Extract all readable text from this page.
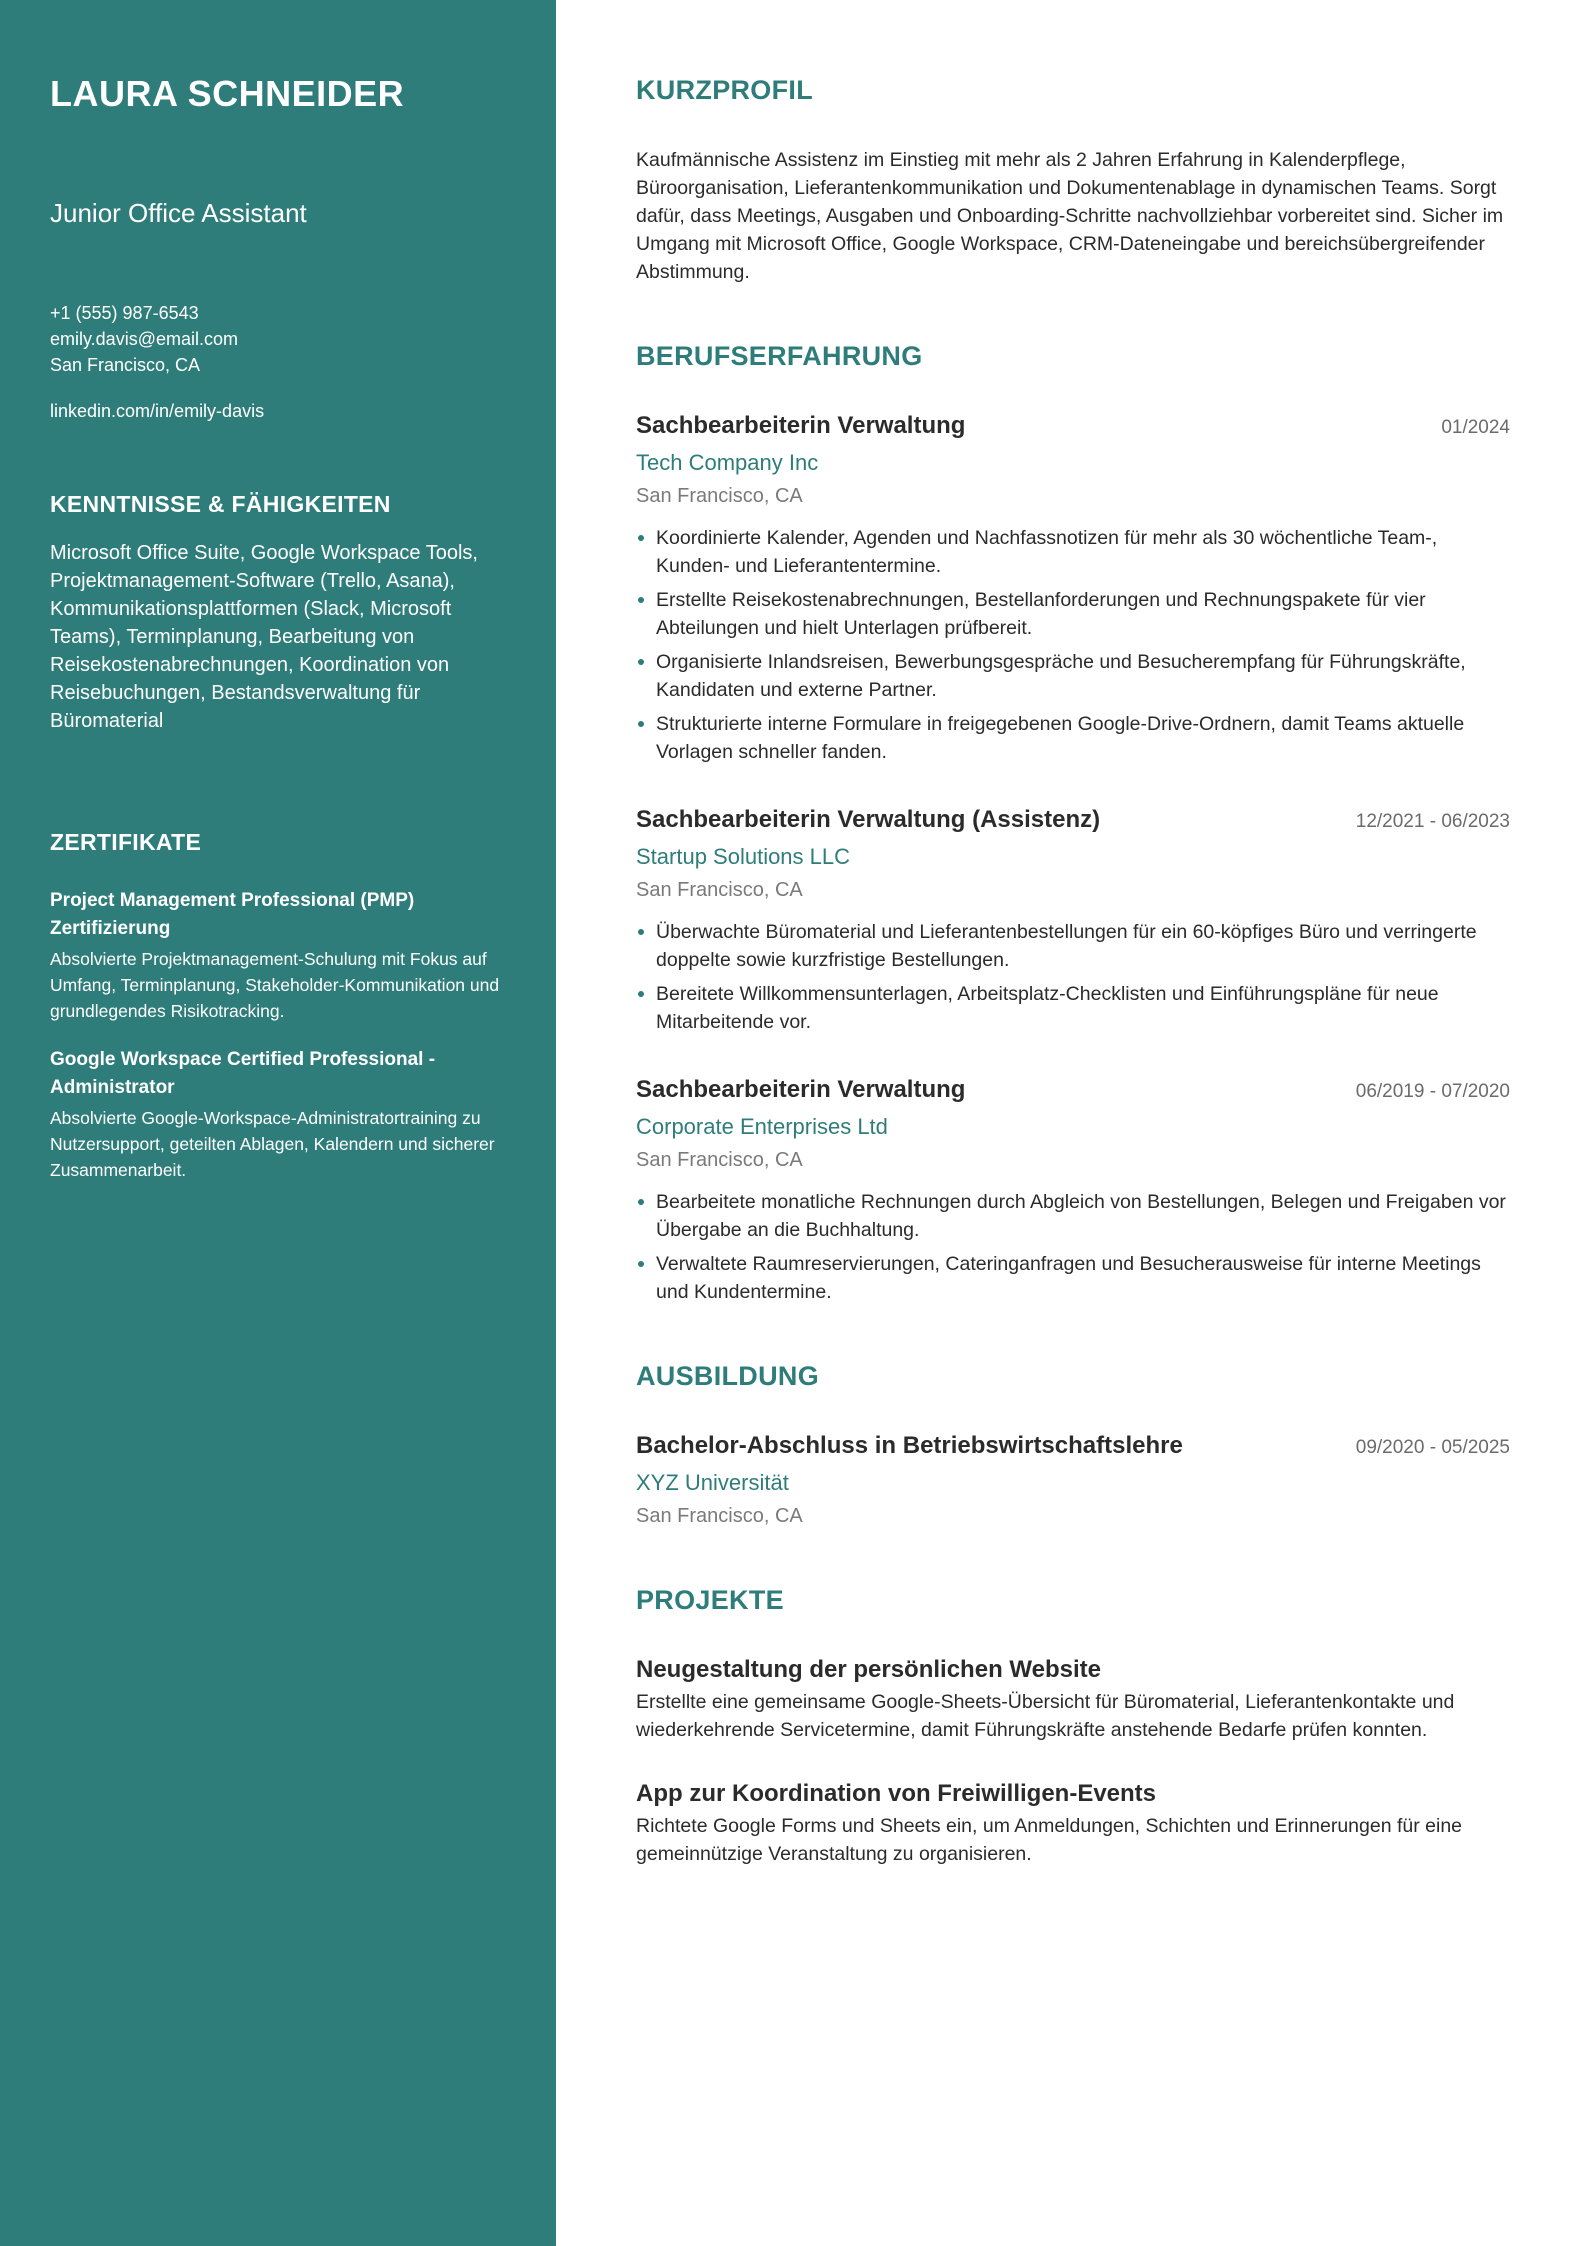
LAURA SCHNEIDER
Junior Office Assistant
+1 (555) 987-6543
emily.davis@email.com
San Francisco, CA
linkedin.com/in/emily-davis
KENNTNISSE & FÄHIGKEITEN

Microsoft Office Suite, Google Workspace Tools, Projektmanagement-Software (Trello, Asana), Kommunikationsplattformen (Slack, Microsoft Teams), Terminplanung, Bearbeitung von Reisekostenabrechnungen, Koordination von Reisebuchungen, Bestandsverwaltung für Büromaterial

ZERTIFIKATE
Project Management Professional (PMP) Zertifizierung
Absolvierte Projektmanagement-Schulung mit Fokus auf Umfang, Terminplanung, Stakeholder-Kommunikation und grundlegendes Risikotracking.
Google Workspace Certified Professional - Administrator
Absolvierte Google-Workspace-Administratortraining zu Nutzersupport, geteilten Ablagen, Kalendern und sicherer Zusammenarbeit.
KURZPROFIL

Kaufmännische Assistenz im Einstieg mit mehr als 2 Jahren Erfahrung in Kalenderpflege, Büroorganisation, Lieferantenkommunikation und Dokumentenablage in dynamischen Teams. Sorgt dafür, dass Meetings, Ausgaben und Onboarding-Schritte nachvollziehbar vorbereitet sind. Sicher im Umgang mit Microsoft Office, Google Workspace, CRM-Dateneingabe und bereichsübergreifender Abstimmung.

BERUFSERFAHRUNG
Sachbearbeiterin Verwaltung	01/2024
Tech Company Inc
San Francisco, CA
Koordinierte Kalender, Agenden und Nachfassnotizen für mehr als 30 wöchentliche Team-, Kunden- und Lieferantentermine.
Erstellte Reisekostenabrechnungen, Bestellanforderungen und Rechnungspakete für vier Abteilungen und hielt Unterlagen prüfbereit.
Organisierte Inlandsreisen, Bewerbungsgespräche und Besucherempfang für Führungskräfte, Kandidaten und externe Partner.
Strukturierte interne Formulare in freigegebenen Google-Drive-Ordnern, damit Teams aktuelle Vorlagen schneller fanden.
Sachbearbeiterin Verwaltung (Assistenz)	12/2021 - 06/2023
Startup Solutions LLC
San Francisco, CA
Überwachte Büromaterial und Lieferantenbestellungen für ein 60-köpfiges Büro und verringerte doppelte sowie kurzfristige Bestellungen.
Bereitete Willkommensunterlagen, Arbeitsplatz-Checklisten und Einführungspläne für neue Mitarbeitende vor.
Sachbearbeiterin Verwaltung	06/2019 - 07/2020
Corporate Enterprises Ltd
San Francisco, CA
Bearbeitete monatliche Rechnungen durch Abgleich von Bestellungen, Belegen und Freigaben vor Übergabe an die Buchhaltung.
Verwaltete Raumreservierungen, Cateringanfragen und Besucherausweise für interne Meetings und Kundentermine.
AUSBILDUNG
Bachelor-Abschluss in Betriebswirtschaftslehre	09/2020 - 05/2025
XYZ Universität
San Francisco, CA
PROJEKTE
Neugestaltung der persönlichen Website
Erstellte eine gemeinsame Google-Sheets-Übersicht für Büromaterial, Lieferantenkontakte und wiederkehrende Servicetermine, damit Führungskräfte anstehende Bedarfe prüfen konnten.
App zur Koordination von Freiwilligen-Events
Richtete Google Forms und Sheets ein, um Anmeldungen, Schichten und Erinnerungen für eine gemeinnützige Veranstaltung zu organisieren.
